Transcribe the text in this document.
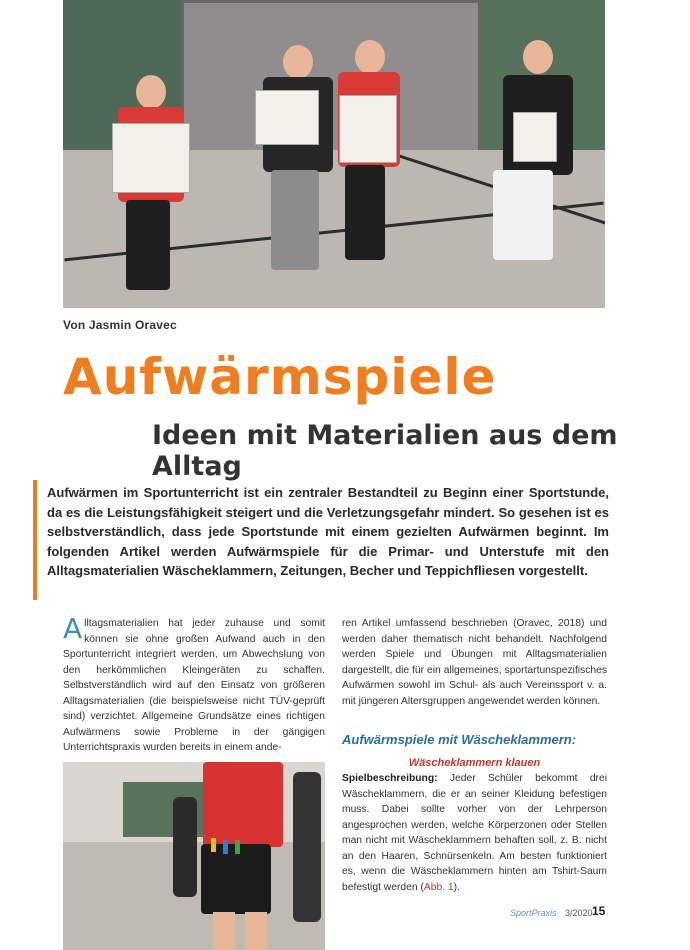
Von Jasmin Oravec
Aufwärmspiele
Ideen mit Materialien aus dem Alltag

Aufwärmen im Sportunterricht ist ein zentraler Bestandteil zu Beginn einer Sportstunde, da es die Leistungsfähigkeit steigert und die Verletzungsgefahr mindert. So gesehen ist es selbstverständlich, dass jede Sportstunde mit einem gezielten Aufwärmen beginnt. Im folgenden Artikel werden Aufwärmspiele für die Primar- und Unterstufe mit den Alltagsmaterialien Wäscheklammern, Zeitungen, Becher und Teppichfliesen vorgestellt.

Alltagsmaterialien hat jeder zuhause und somit können sie ohne großen Aufwand auch in den Sportunterricht integriert werden, um Abwechslung von den herkömmlichen Kleingeräten zu schaffen. Selbstverständlich wird auf den Einsatz von größeren Alltagsmaterialien (die beispielsweise nicht TÜV-geprüft sind) verzichtet. Allgemeine Grundsätze eines richtigen Aufwärmens sowie Probleme in der gängigen Unterrichtspraxis wurden bereits in einem ande-

ren Artikel umfassend beschrieben (Oravec, 2018) und werden daher thematisch nicht behandelt. Nachfolgend werden Spiele und Übungen mit Alltagsmaterialien dargestellt, die für ein allgemeines, sportartunspezifisches Aufwärmen sowohl im Schul- als auch Vereinssport v. a. mit jüngeren Altersgruppen angewendet werden können.

Aufwärmspiele mit Wäscheklammern:
Wäscheklammern klauen

Spielbeschreibung: Jeder Schüler bekommt drei Wäscheklammern, die er an seiner Kleidung befestigen muss. Dabei sollte vorher von der Lehrperson angesprochen werden, welche Körperzonen oder Stellen man nicht mit Wäscheklammern behaften soll, z. B. nicht an den Haaren, Schnürsenkeln. Am besten funktioniert es, wenn die Wäscheklammern hinten am Tshirt-Saum befestigt werden (Abb. 1).

SportPraxis 3/2020 15
